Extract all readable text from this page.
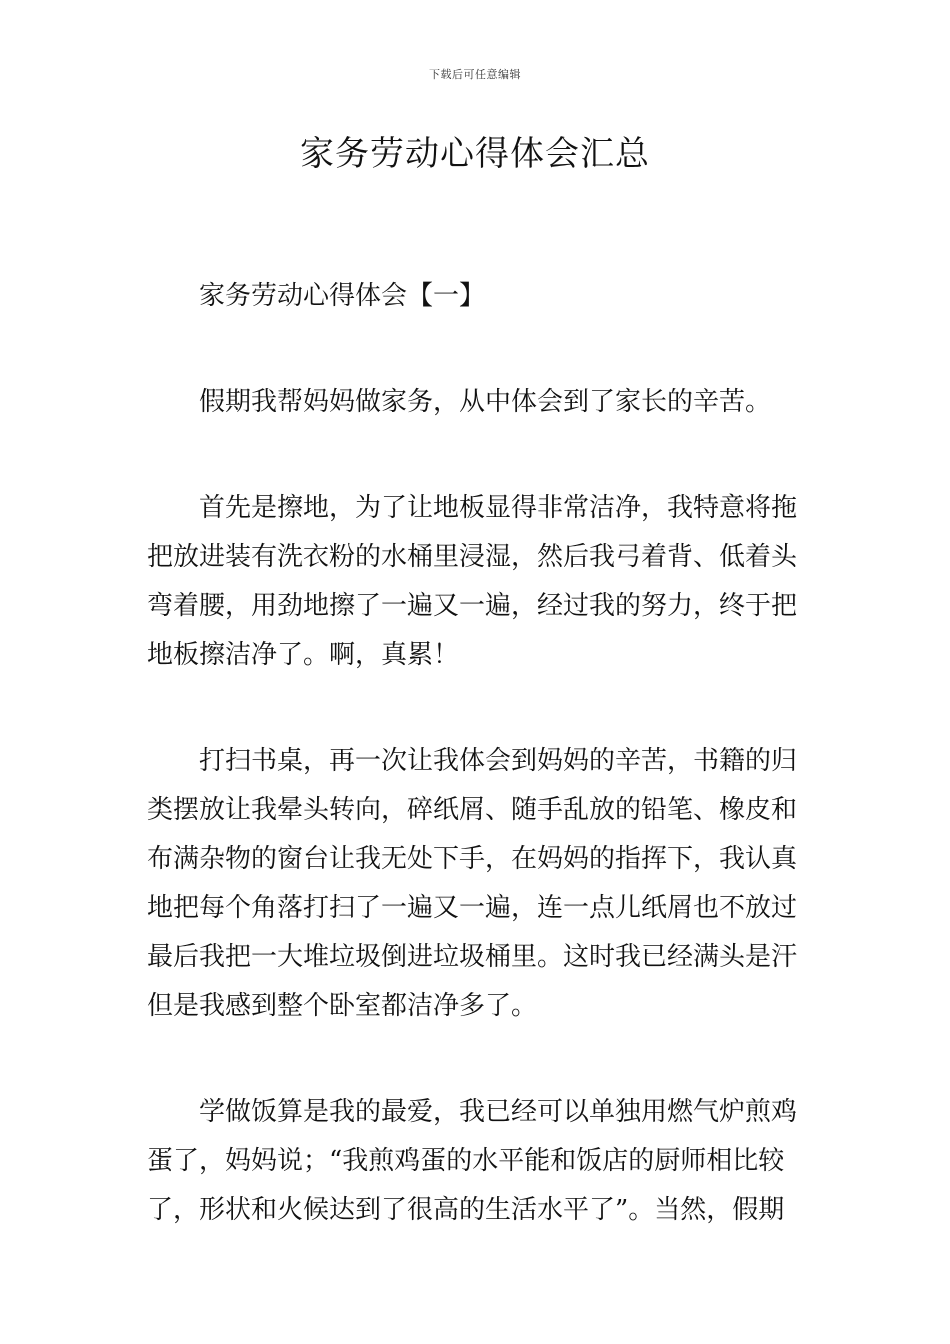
下载后可任意编辑
家务劳动心得体会汇总

家务劳动心得体会【一】

假期我帮妈妈做家务，从中体会到了家长的辛苦。

首先是擦地，为了让地板显得非常洁净，我特意将拖把放进装有洗衣粉的水桶里浸湿，然后我弓着背、低着头弯着腰，用劲地擦了一遍又一遍，经过我的努力，终于把地板擦洁净了。啊，真累！

打扫书桌，再一次让我体会到妈妈的辛苦，书籍的归类摆放让我晕头转向，碎纸屑、随手乱放的铅笔、橡皮和布满杂物的窗台让我无处下手，在妈妈的指挥下，我认真地把每个角落打扫了一遍又一遍，连一点儿纸屑也不放过最后我把一大堆垃圾倒进垃圾桶里。这时我已经满头是汗但是我感到整个卧室都洁净多了。

学做饭算是我的最爱，我已经可以单独用燃气炉煎鸡蛋了，妈妈说；“我煎鸡蛋的水平能和饭店的厨师相比较了，形状和火候达到了很高的生活水平了”。当然，假期
